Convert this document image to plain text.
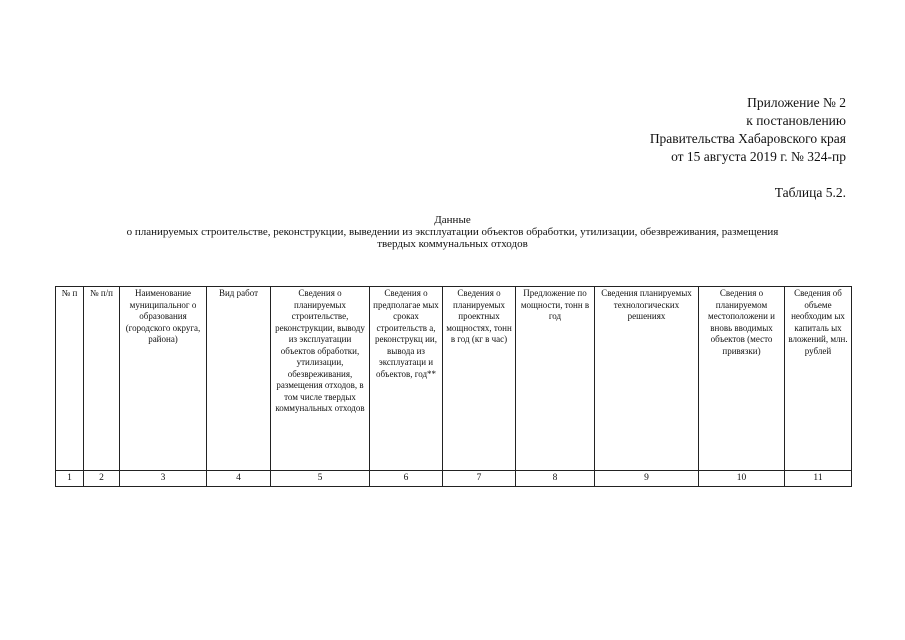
Приложение № 2
к постановлению
Правительства Хабаровского края
от 15 августа 2019 г. № 324-пр
Таблица 5.2.
Данные
о планируемых строительстве, реконструкции, выведении из эксплуатации объектов обработки, утилизации, обезвреживания, размещения
твердых коммунальных отходов
№ п	№ п/п	Наименование муниципальног о образования (городского округа, района)	Вид работ	Сведения о планируемых строительстве, реконструкции, выводу из эксплуатации объектов обработки, утилизации, обезвреживания, размещения отходов, в том числе твердых коммунальных отходов	Сведения о предполагае мых сроках строительств а, реконструкц ии, вывода из эксплуатаци и объектов, год**	Сведения о планируемых проектных мощностях, тонн в год (кг в час)	Предложение по мощности, тонн в год	Сведения планируемых технологических решениях	Сведения о планируемом местоположени и вновь вводимых объектов (место привязки)	Сведения об объеме необходим ых капиталь ых вложений, млн. рублей
1	2	3	4	5	6	7	8	9	10	11
